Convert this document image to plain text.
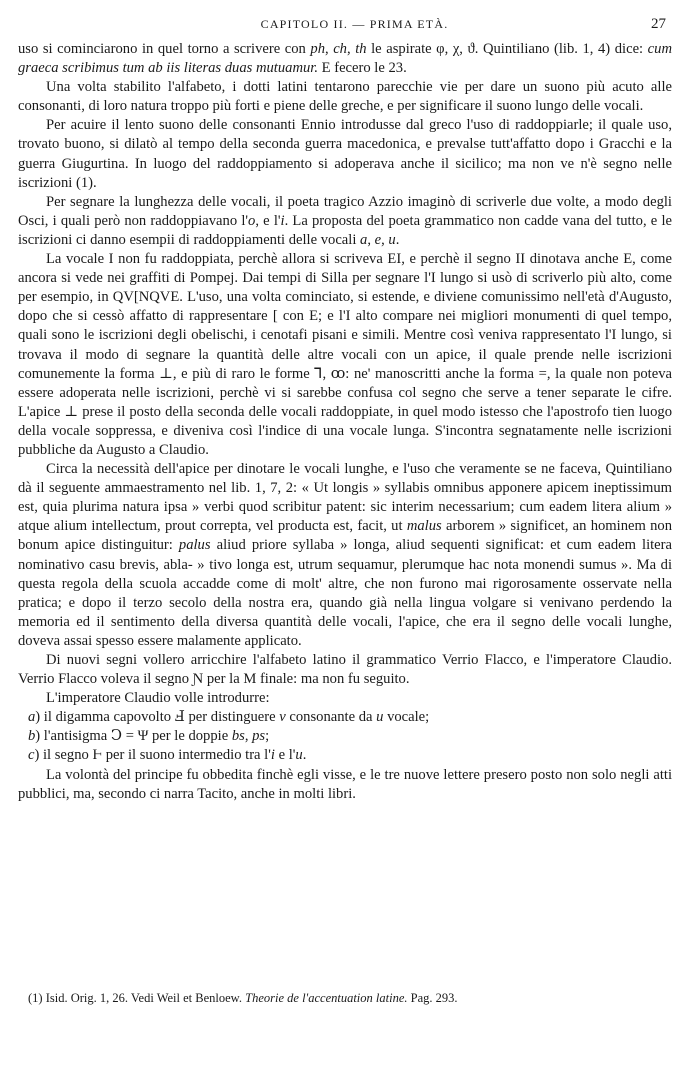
CAPITOLO II. — PRIMA ETÀ.	27

uso si cominciarono in quel torno a scrivere con ph, ch, th le aspirate φ, χ, ϑ. Quintiliano (lib. 1, 4) dice: cum graeca scribimus tum ab iis literas duas mutuamur. E fecero le 23.

Una volta stabilito l'alfabeto, i dotti latini tentarono parecchie vie per dare un suono più acuto alle consonanti, di loro natura troppo più forti e piene delle greche, e per significare il suono lungo delle vocali.

Per acuire il lento suono delle consonanti Ennio introdusse dal greco l'uso di raddoppiarle; il quale uso, trovato buono, si dilatò al tempo della seconda guerra macedonica, e prevalse tutt'affatto dopo i Gracchi e la guerra Giugurtina. In luogo del raddoppiamento si adoperava anche il sicilico; ma non ve n'è segno nelle iscrizioni (1).

Per segnare la lunghezza delle vocali, il poeta tragico Azzio imaginò di scriverle due volte, a modo degli Osci, i quali però non raddoppiavano l'o, e l'i. La proposta del poeta grammatico non cadde vana del tutto, e le iscrizioni ci danno esempii di raddoppiamenti delle vocali a, e, u.

La vocale I non fu raddoppiata, perchè allora si scriveva EI, e perchè il segno II dinotava anche E, come ancora si vede nei graffiti di Pompej. Dai tempi di Silla per segnare l'I lungo si usò di scriverlo più alto, come per esempio, in QV[NQVE. L'uso, una volta cominciato, si estende, e diviene comunissimo nell'età d'Augusto, dopo che si cessò affatto di rappresentare [ con E; e l'I alto compare nei migliori monumenti di quel tempo, quali sono le iscrizioni degli obelischi, i cenotafi pisani e simili. Mentre così veniva rappresentato l'I lungo, si trovava il modo di segnare la quantità delle altre vocali con un apice, il quale prende nelle iscrizioni comunemente la forma ⊥, e più di raro le forme ꓶ, ꝏ: ne' manoscritti anche la forma =, la quale non poteva essere adoperata nelle iscrizioni, perchè vi si sarebbe confusa col segno che serve a tener separate le cifre. L'apice ⊥ prese il posto della seconda delle vocali raddoppiate, in quel modo istesso che l'apostrofo tien luogo della vocale soppressa, e diveniva così l'indice di una vocale lunga. S'incontra segnatamente nelle iscrizioni pubbliche da Augusto a Claudio.

Circa la necessità dell'apice per dinotare le vocali lunghe, e l'uso che veramente se ne faceva, Quintiliano dà il seguente ammaestramento nel lib. 1, 7, 2: « Ut longis » syllabis omnibus apponere apicem ineptissimum est, quia plurima natura ipsa » verbi quod scribitur patent: sic interim necessarium; cum eadem litera alium » atque alium intellectum, prout correpta, vel producta est, facit, ut malus arborem » significet, an hominem non bonum apice distinguitur: palus aliud priore syllaba » longa, aliud sequenti significat: et cum eadem litera nominativo casu brevis, abla- » tivo longa est, utrum sequamur, plerumque hac nota monendi sumus ». Ma di questa regola della scuola accadde come di molt' altre, che non furono mai rigorosamente osservate nella pratica; e dopo il terzo secolo della nostra era, quando già nella lingua volgare si venivano perdendo la memoria ed il sentimento della diversa quantità delle vocali, l'apice, che era il segno delle vocali lunghe, doveva assai spesso essere malamente applicato.

Di nuovi segni vollero arricchire l'alfabeto latino il grammatico Verrio Flacco, e l'imperatore Claudio. Verrio Flacco voleva il segno Ɲ per la M finale: ma non fu seguito.

L'imperatore Claudio volle introdurre:

a) il digamma capovolto Ⅎ per distinguere v consonante da u vocale;

b) l'antisigma Ↄ = Ψ per le doppie bs, ps;

c) il segno Ⱶ per il suono intermedio tra l'i e l'u.

La volontà del principe fu obbedita finchè egli visse, e le tre nuove lettere presero posto non solo negli atti pubblici, ma, secondo ci narra Tacito, anche in molti libri.

(1) Isid. Orig. 1, 26. Vedi Weil et Benloew. Theorie de l'accentuation latine. Pag. 293.
